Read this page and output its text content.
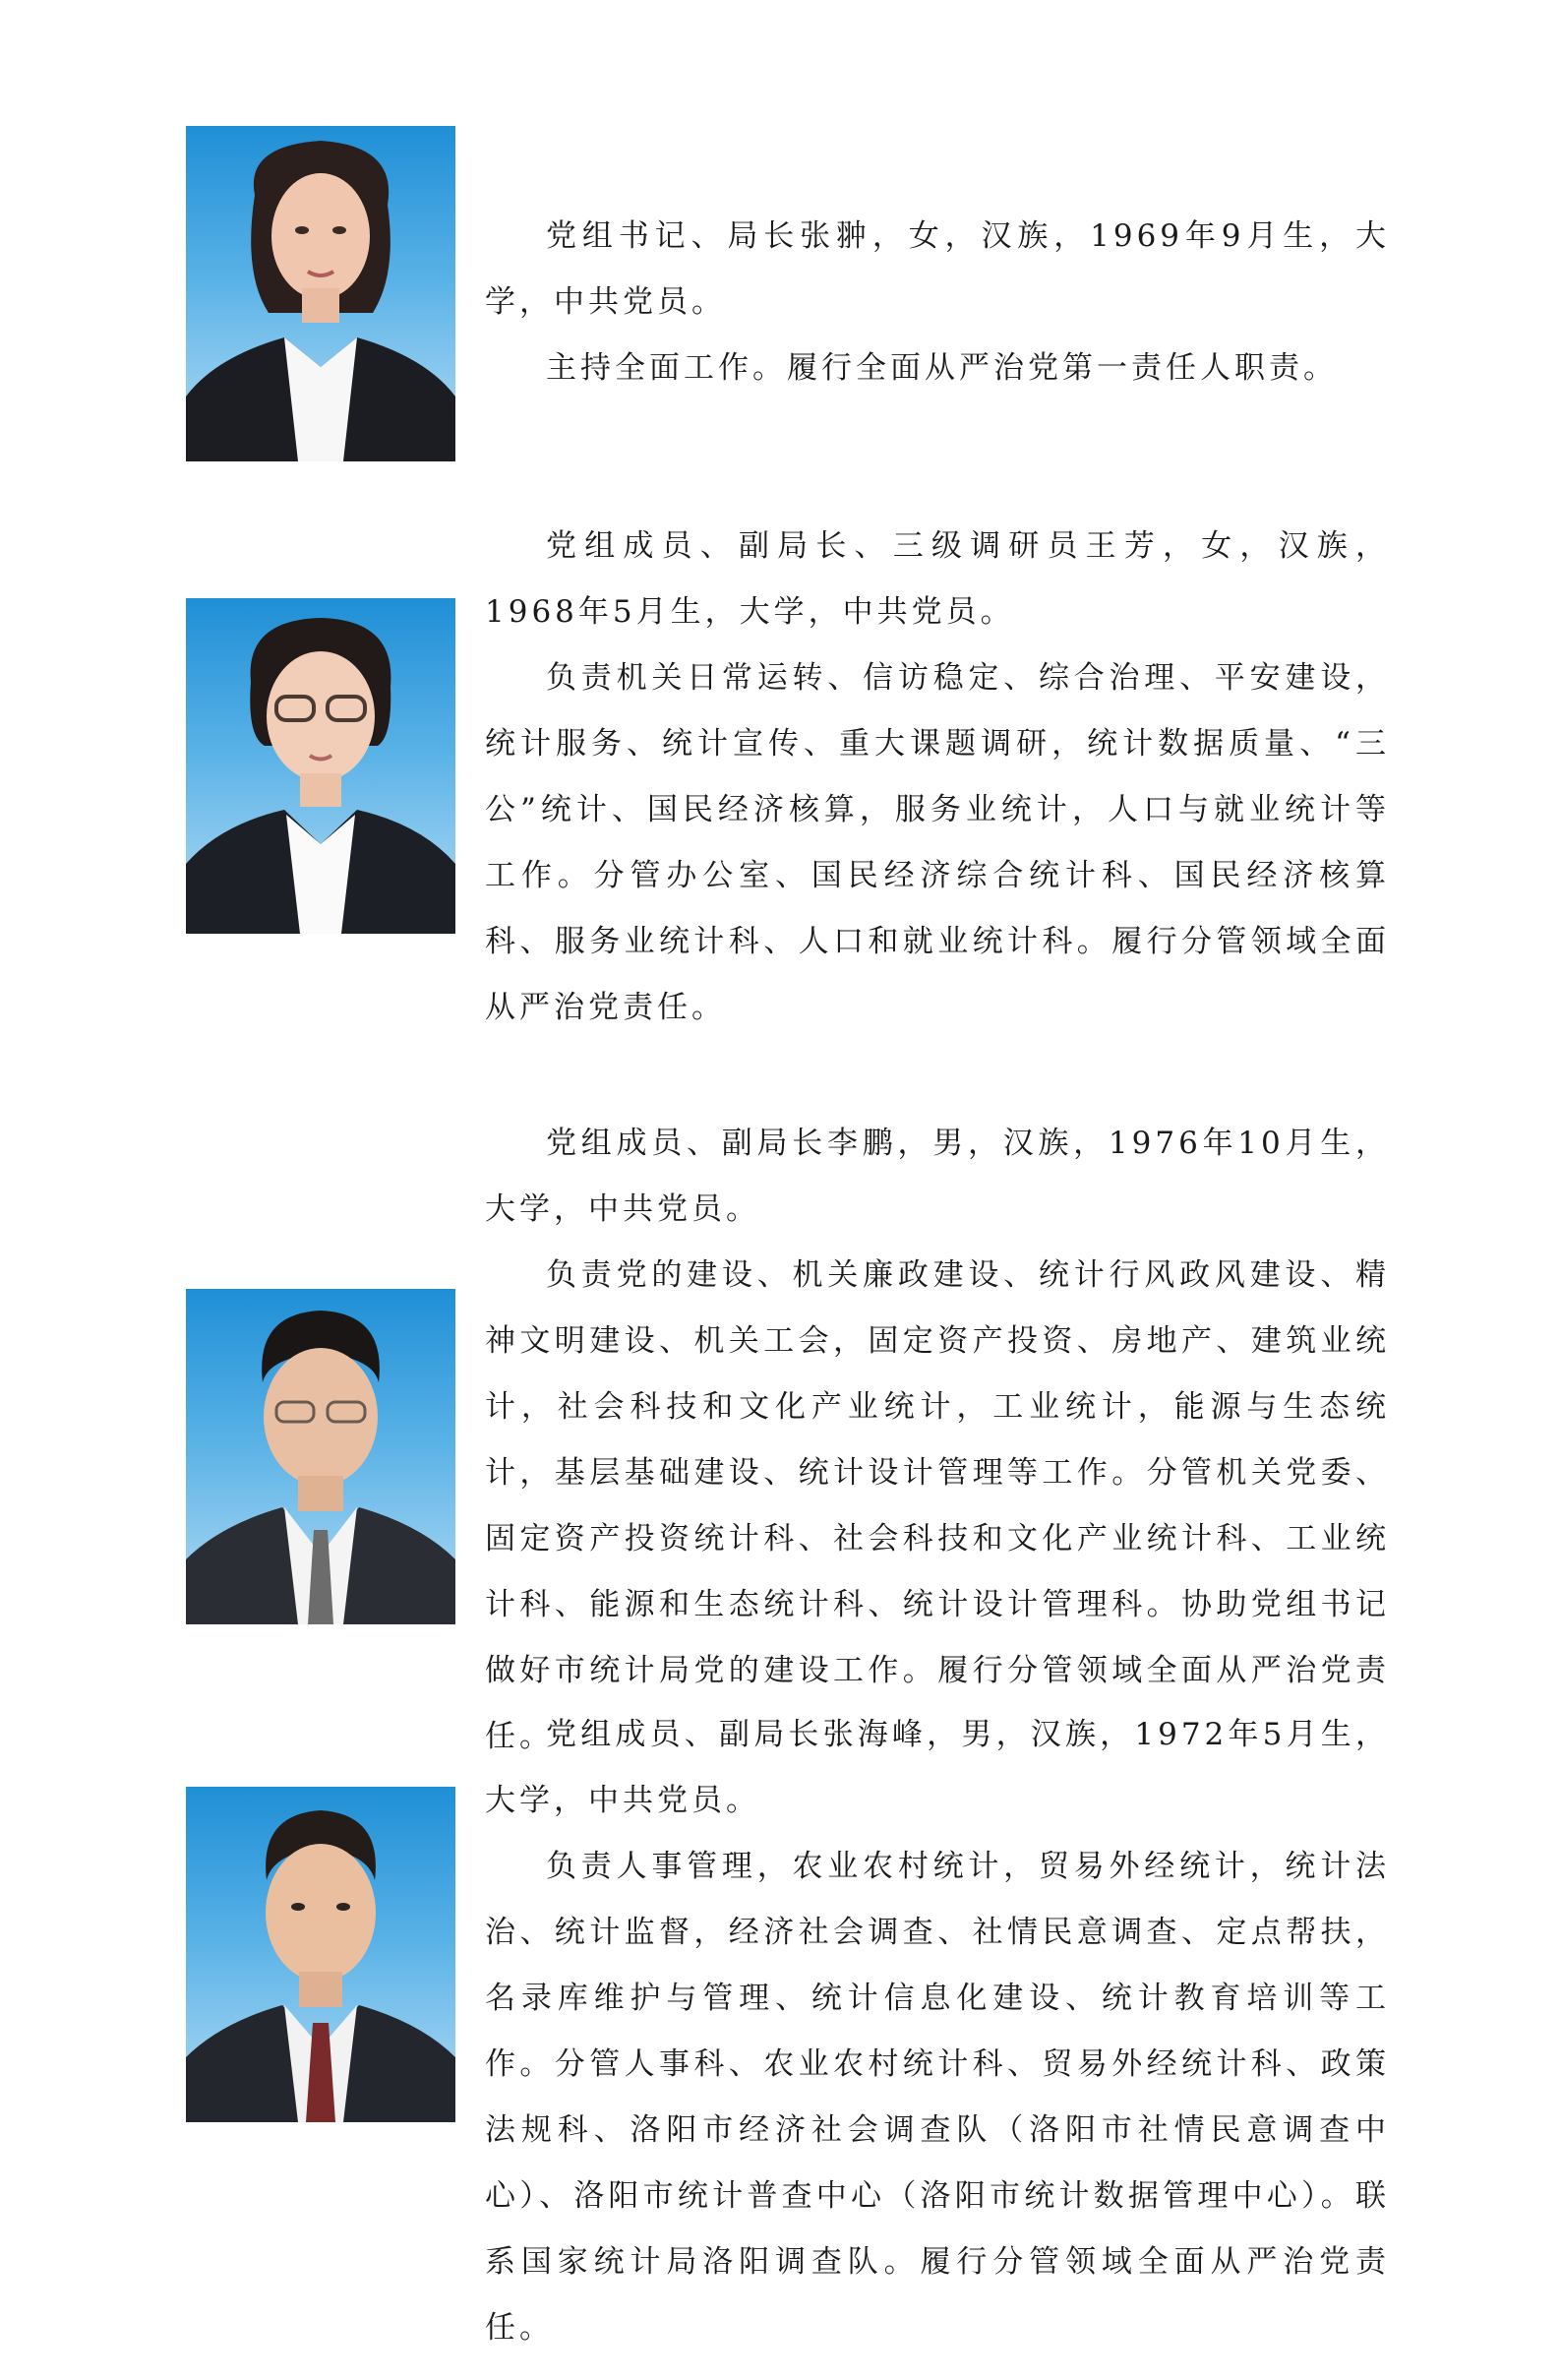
党组书记、局长张翀，女，汉族，1969年9月生，大学，中共党员。

主持全面工作。履行全面从严治党第一责任人职责。

党组成员、副局长、三级调研员王芳，女，汉族，1968年5月生，大学，中共党员。

负责机关日常运转、信访稳定、综合治理、平安建设，统计服务、统计宣传、重大课题调研，统计数据质量、“三公”统计、国民经济核算，服务业统计，人口与就业统计等工作。分管办公室、国民经济综合统计科、国民经济核算科、服务业统计科、人口和就业统计科。履行分管领域全面从严治党责任。

党组成员、副局长李鹏，男，汉族，1976年10月生，大学，中共党员。

负责党的建设、机关廉政建设、统计行风政风建设、精神文明建设、机关工会，固定资产投资、房地产、建筑业统计，社会科技和文化产业统计，工业统计，能源与生态统计，基层基础建设、统计设计管理等工作。分管机关党委、固定资产投资统计科、社会科技和文化产业统计科、工业统计科、能源和生态统计科、统计设计管理科。协助党组书记做好市统计局党的建设工作。履行分管领域全面从严治党责任。

党组成员、副局长张海峰，男，汉族，1972年5月生，大学，中共党员。

负责人事管理，农业农村统计，贸易外经统计，统计法治、统计监督，经济社会调查、社情民意调查、定点帮扶，名录库维护与管理、统计信息化建设、统计教育培训等工作。分管人事科、农业农村统计科、贸易外经统计科、政策法规科、洛阳市经济社会调查队（洛阳市社情民意调查中心）、洛阳市统计普查中心（洛阳市统计数据管理中心）。联系国家统计局洛阳调查队。履行分管领域全面从严治党责任。
